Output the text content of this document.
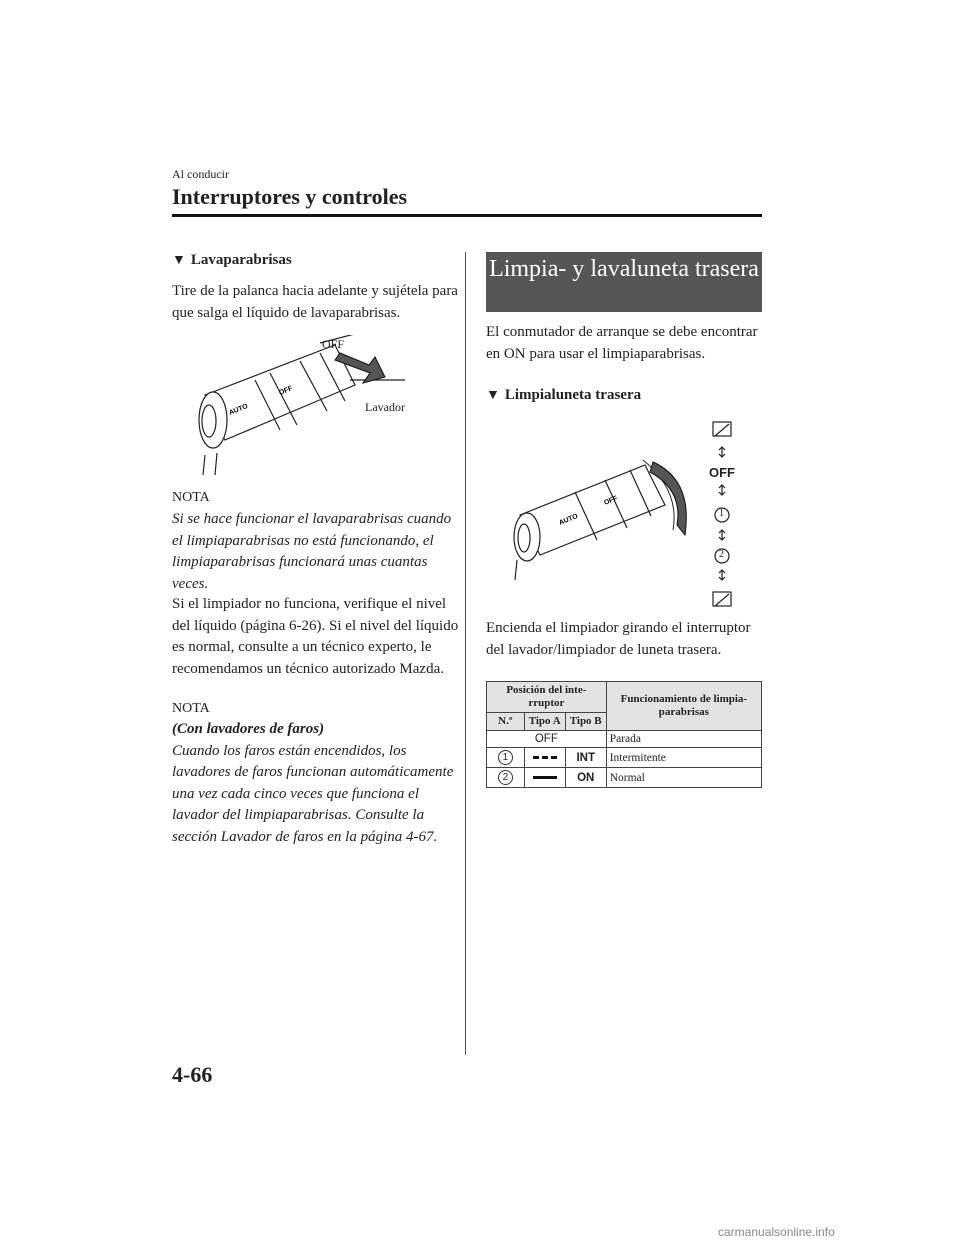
Al conducir
Interruptores y controles
▼ Lavaparabrisas
Tire de la palanca hacia adelante y sujétela para que salga el líquido de lavaparabrisas.
OFF
AUTO
OFF
Lavador
NOTA
Si se hace funcionar el lavaparabrisas cuando el limpiaparabrisas no está funcionando, el limpiaparabrisas funcionará unas cuantas veces.
Si el limpiador no funciona, verifique el nivel del líquido (página 6-26). Si el nivel del líquido es normal, consulte a un técnico experto, le recomendamos un técnico autorizado Mazda.
NOTA
(Con lavadores de faros)
Cuando los faros están encendidos, los lavadores de faros funcionan automáticamente una vez cada cinco veces que funciona el lavador del limpiaparabrisas. Consulte la sección Lavador de faros en la página 4-67.
Limpia- y lavaluneta trasera
El conmutador de arranque se debe encontrar en ON para usar el limpiaparabrisas.
▼ Limpialuneta trasera
OFF
AUTO
OFF
1
2
Encienda el limpiador girando el interruptor del lavador/limpiador de luneta trasera.
Posición del inte-rruptor			Funcionamiento de limpia-parabrisas
N.º	Tipo A	Tipo B	
OFF			Parada
1		INT	Intermitente
2		ON	Normal
4-66
carmanualsonline.info
